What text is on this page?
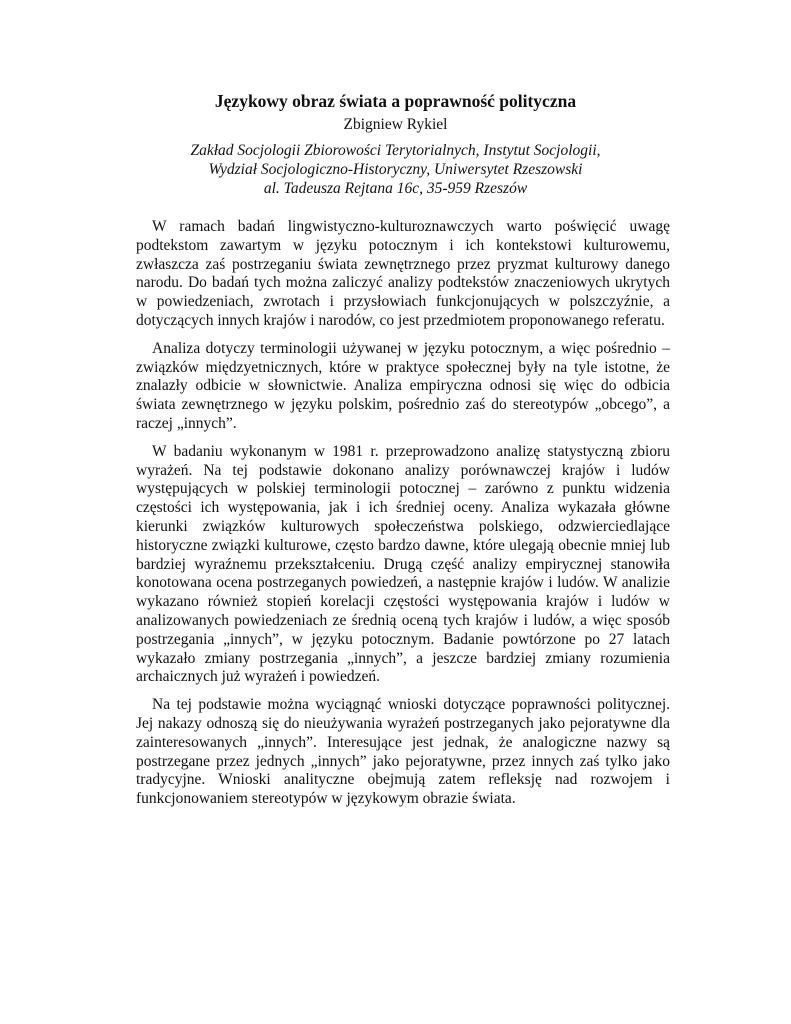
Językowy obraz świata a poprawność polityczna
Zbigniew Rykiel
Zakład Socjologii Zbiorowości Terytorialnych, Instytut Socjologii,
Wydział Socjologiczno-Historyczny, Uniwersytet Rzeszowski
al. Tadeusza Rejtana 16c, 35-959 Rzeszów

W ramach badań lingwistyczno-kulturoznawczych warto poświęcić uwagę podtekstom zawartym w języku potocznym i ich kontekstowi kulturowemu, zwłaszcza zaś postrzeganiu świata zewnętrznego przez pryzmat kulturowy danego narodu. Do badań tych można zaliczyć analizy podtekstów znaczeniowych ukrytych w powiedzeniach, zwrotach i przysłowiach funkcjonujących w polszczyźnie, a dotyczących innych krajów i narodów, co jest przedmiotem proponowanego referatu.

Analiza dotyczy terminologii używanej w języku potocznym, a więc pośrednio – związków międzyetnicznych, które w praktyce społecznej były na tyle istotne, że znalazły odbicie w słownictwie. Analiza empiryczna odnosi się więc do odbicia świata zewnętrznego w języku polskim, pośrednio zaś do stereotypów „obcego”, a raczej „innych”.

W badaniu wykonanym w 1981 r. przeprowadzono analizę statystyczną zbioru wyrażeń. Na tej podstawie dokonano analizy porównawczej krajów i ludów występujących w polskiej terminologii potocznej – zarówno z punktu widzenia częstości ich występowania, jak i ich średniej oceny. Analiza wykazała główne kierunki związków kulturowych społeczeństwa polskiego, odzwierciedlające historyczne związki kulturowe, często bardzo dawne, które ulegają obecnie mniej lub bardziej wyraźnemu przekształceniu. Drugą część analizy empirycznej stanowiła konotowana ocena postrzeganych powiedzeń, a następnie krajów i ludów. W analizie wykazano również stopień korelacji częstości występowania krajów i ludów w analizowanych powiedzeniach ze średnią oceną tych krajów i ludów, a więc sposób postrzegania „innych”, w języku potocznym. Badanie powtórzone po 27 latach wykazało zmiany postrzegania „innych”, a jeszcze bardziej zmiany rozumienia archaicznych już wyrażeń i powiedzeń.

Na tej podstawie można wyciągnąć wnioski dotyczące poprawności politycznej. Jej nakazy odnoszą się do nieużywania wyrażeń postrzeganych jako pejoratywne dla zainteresowanych „innych”. Interesujące jest jednak, że analogiczne nazwy są postrzegane przez jednych „innych” jako pejoratywne, przez innych zaś tylko jako tradycyjne. Wnioski analityczne obejmują zatem refleksję nad rozwojem i funkcjonowaniem stereotypów w językowym obrazie świata.
